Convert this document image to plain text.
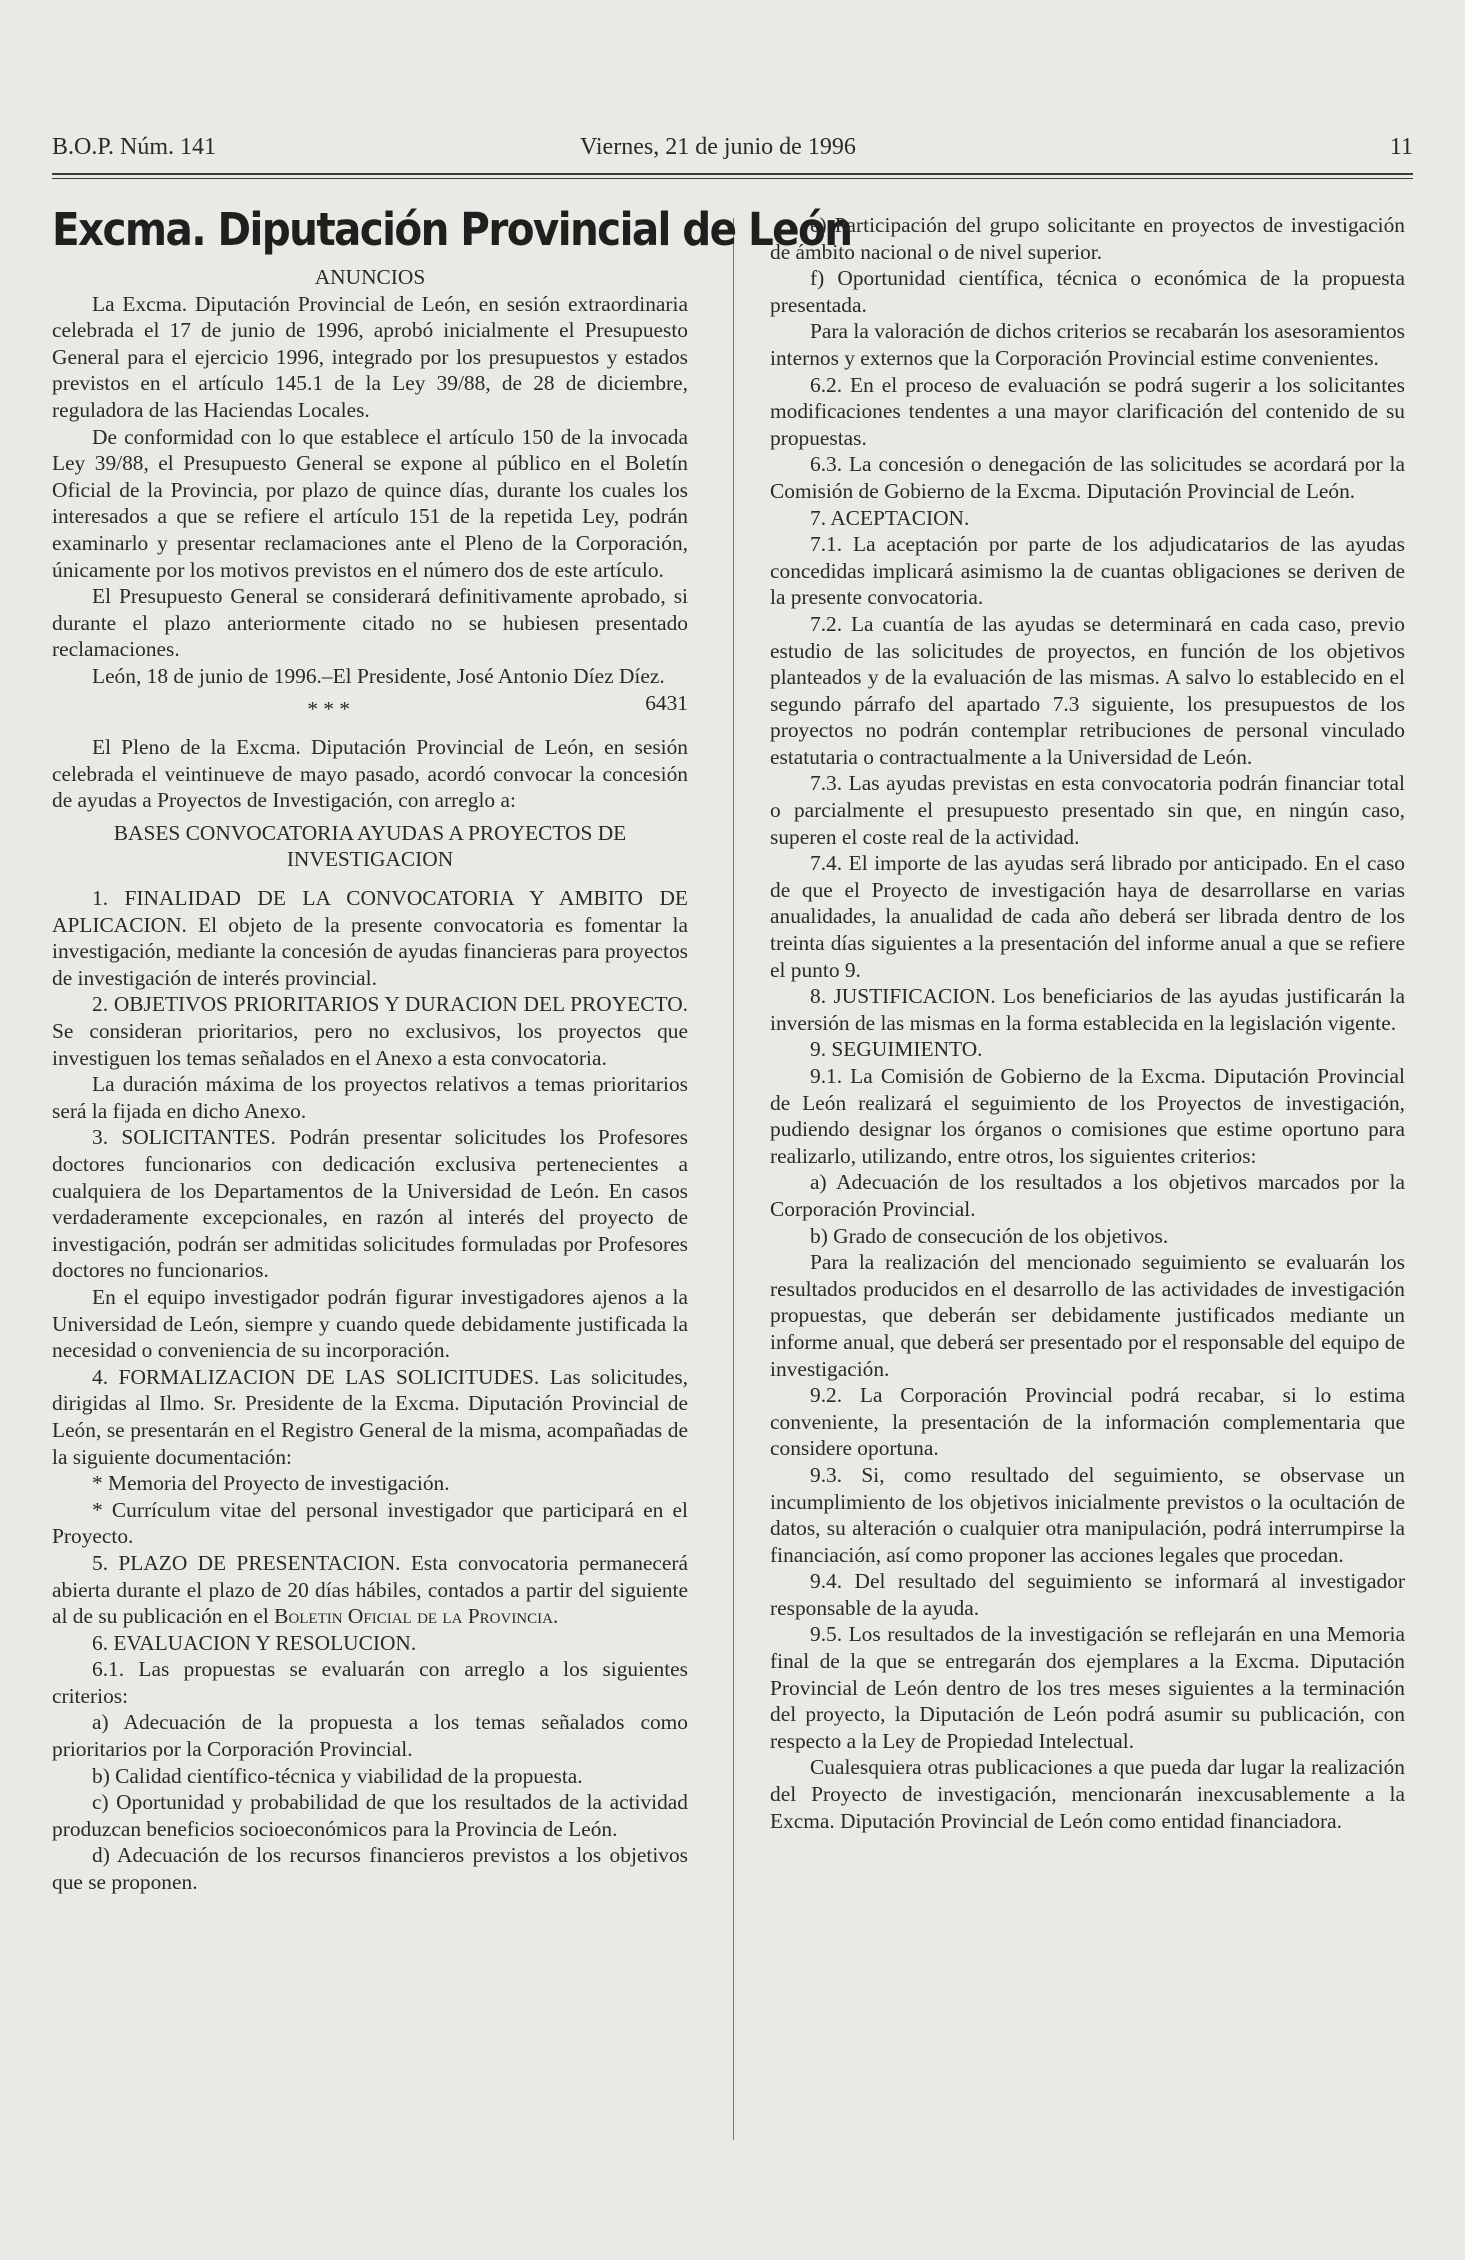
B.O.P. Núm. 141	Viernes, 21 de junio de 1996	11
Excma. Diputación Provincial de León

ANUNCIOS

La Excma. Diputación Provincial de León, en sesión extraordinaria celebrada el 17 de junio de 1996, aprobó inicialmente el Presupuesto General para el ejercicio 1996, integrado por los presupuestos y estados previstos en el artículo 145.1 de la Ley 39/88, de 28 de diciembre, reguladora de las Haciendas Locales.

De conformidad con lo que establece el artículo 150 de la invocada Ley 39/88, el Presupuesto General se expone al público en el Boletín Oficial de la Provincia, por plazo de quince días, durante los cuales los interesados a que se refiere el artículo 151 de la repetida Ley, podrán examinarlo y presentar reclamaciones ante el Pleno de la Corporación, únicamente por los motivos previstos en el número dos de este artículo.

El Presupuesto General se considerará definitivamente aprobado, si durante el plazo anteriormente citado no se hubiesen presentado reclamaciones.

León, 18 de junio de 1996.–El Presidente, José Antonio Díez Díez.
6431

* * *

El Pleno de la Excma. Diputación Provincial de León, en sesión celebrada el veintinueve de mayo pasado, acordó convocar la concesión de ayudas a Proyectos de Investigación, con arreglo a:

BASES CONVOCATORIA AYUDAS A PROYECTOS DE INVESTIGACION

1. FINALIDAD DE LA CONVOCATORIA Y AMBITO DE APLICACION. El objeto de la presente convocatoria es fomentar la investigación, mediante la concesión de ayudas financieras para proyectos de investigación de interés provincial.

2. OBJETIVOS PRIORITARIOS Y DURACION DEL PROYECTO. Se consideran prioritarios, pero no exclusivos, los proyectos que investiguen los temas señalados en el Anexo a esta convocatoria.

La duración máxima de los proyectos relativos a temas prioritarios será la fijada en dicho Anexo.

3. SOLICITANTES. Podrán presentar solicitudes los Profesores doctores funcionarios con dedicación exclusiva pertenecientes a cualquiera de los Departamentos de la Universidad de León. En casos verdaderamente excepcionales, en razón al interés del proyecto de investigación, podrán ser admitidas solicitudes formuladas por Profesores doctores no funcionarios.

En el equipo investigador podrán figurar investigadores ajenos a la Universidad de León, siempre y cuando quede debidamente justificada la necesidad o conveniencia de su incorporación.

4. FORMALIZACION DE LAS SOLICITUDES. Las solicitudes, dirigidas al Ilmo. Sr. Presidente de la Excma. Diputación Provincial de León, se presentarán en el Registro General de la misma, acompañadas de la siguiente documentación:

* Memoria del Proyecto de investigación.

* Currículum vitae del personal investigador que participará en el Proyecto.

5. PLAZO DE PRESENTACION. Esta convocatoria permanecerá abierta durante el plazo de 20 días hábiles, contados a partir del siguiente al de su publicación en el Boletin Oficial de la Provincia.

6. EVALUACION Y RESOLUCION.

6.1. Las propuestas se evaluarán con arreglo a los siguientes criterios:

a) Adecuación de la propuesta a los temas señalados como prioritarios por la Corporación Provincial.

b) Calidad científico-técnica y viabilidad de la propuesta.

c) Oportunidad y probabilidad de que los resultados de la actividad produzcan beneficios socioeconómicos para la Provincia de León.

d) Adecuación de los recursos financieros previstos a los objetivos que se proponen.

e) Participación del grupo solicitante en proyectos de investigación de ámbito nacional o de nivel superior.

f) Oportunidad científica, técnica o económica de la propuesta presentada.

Para la valoración de dichos criterios se recabarán los asesoramientos internos y externos que la Corporación Provincial estime convenientes.

6.2. En el proceso de evaluación se podrá sugerir a los solicitantes modificaciones tendentes a una mayor clarificación del contenido de su propuestas.

6.3. La concesión o denegación de las solicitudes se acordará por la Comisión de Gobierno de la Excma. Diputación Provincial de León.

7. ACEPTACION.

7.1. La aceptación por parte de los adjudicatarios de las ayudas concedidas implicará asimismo la de cuantas obligaciones se deriven de la presente convocatoria.

7.2. La cuantía de las ayudas se determinará en cada caso, previo estudio de las solicitudes de proyectos, en función de los objetivos planteados y de la evaluación de las mismas. A salvo lo establecido en el segundo párrafo del apartado 7.3 siguiente, los presupuestos de los proyectos no podrán contemplar retribuciones de personal vinculado estatutaria o contractualmente a la Universidad de León.

7.3. Las ayudas previstas en esta convocatoria podrán financiar total o parcialmente el presupuesto presentado sin que, en ningún caso, superen el coste real de la actividad.

7.4. El importe de las ayudas será librado por anticipado. En el caso de que el Proyecto de investigación haya de desarrollarse en varias anualidades, la anualidad de cada año deberá ser librada dentro de los treinta días siguientes a la presentación del informe anual a que se refiere el punto 9.

8. JUSTIFICACION. Los beneficiarios de las ayudas justificarán la inversión de las mismas en la forma establecida en la legislación vigente.

9. SEGUIMIENTO.

9.1. La Comisión de Gobierno de la Excma. Diputación Provincial de León realizará el seguimiento de los Proyectos de investigación, pudiendo designar los órganos o comisiones que estime oportuno para realizarlo, utilizando, entre otros, los siguientes criterios:

a) Adecuación de los resultados a los objetivos marcados por la Corporación Provincial.

b) Grado de consecución de los objetivos.

Para la realización del mencionado seguimiento se evaluarán los resultados producidos en el desarrollo de las actividades de investigación propuestas, que deberán ser debidamente justificados mediante un informe anual, que deberá ser presentado por el responsable del equipo de investigación.

9.2. La Corporación Provincial podrá recabar, si lo estima conveniente, la presentación de la información complementaria que considere oportuna.

9.3. Si, como resultado del seguimiento, se observase un incumplimiento de los objetivos inicialmente previstos o la ocultación de datos, su alteración o cualquier otra manipulación, podrá interrumpirse la financiación, así como proponer las acciones legales que procedan.

9.4. Del resultado del seguimiento se informará al investigador responsable de la ayuda.

9.5. Los resultados de la investigación se reflejarán en una Memoria final de la que se entregarán dos ejemplares a la Excma. Diputación Provincial de León dentro de los tres meses siguientes a la terminación del proyecto, la Diputación de León podrá asumir su publicación, con respecto a la Ley de Propiedad Intelectual.

Cualesquiera otras publicaciones a que pueda dar lugar la realización del Proyecto de investigación, mencionarán inexcusablemente a la Excma. Diputación Provincial de León como entidad financiadora.
